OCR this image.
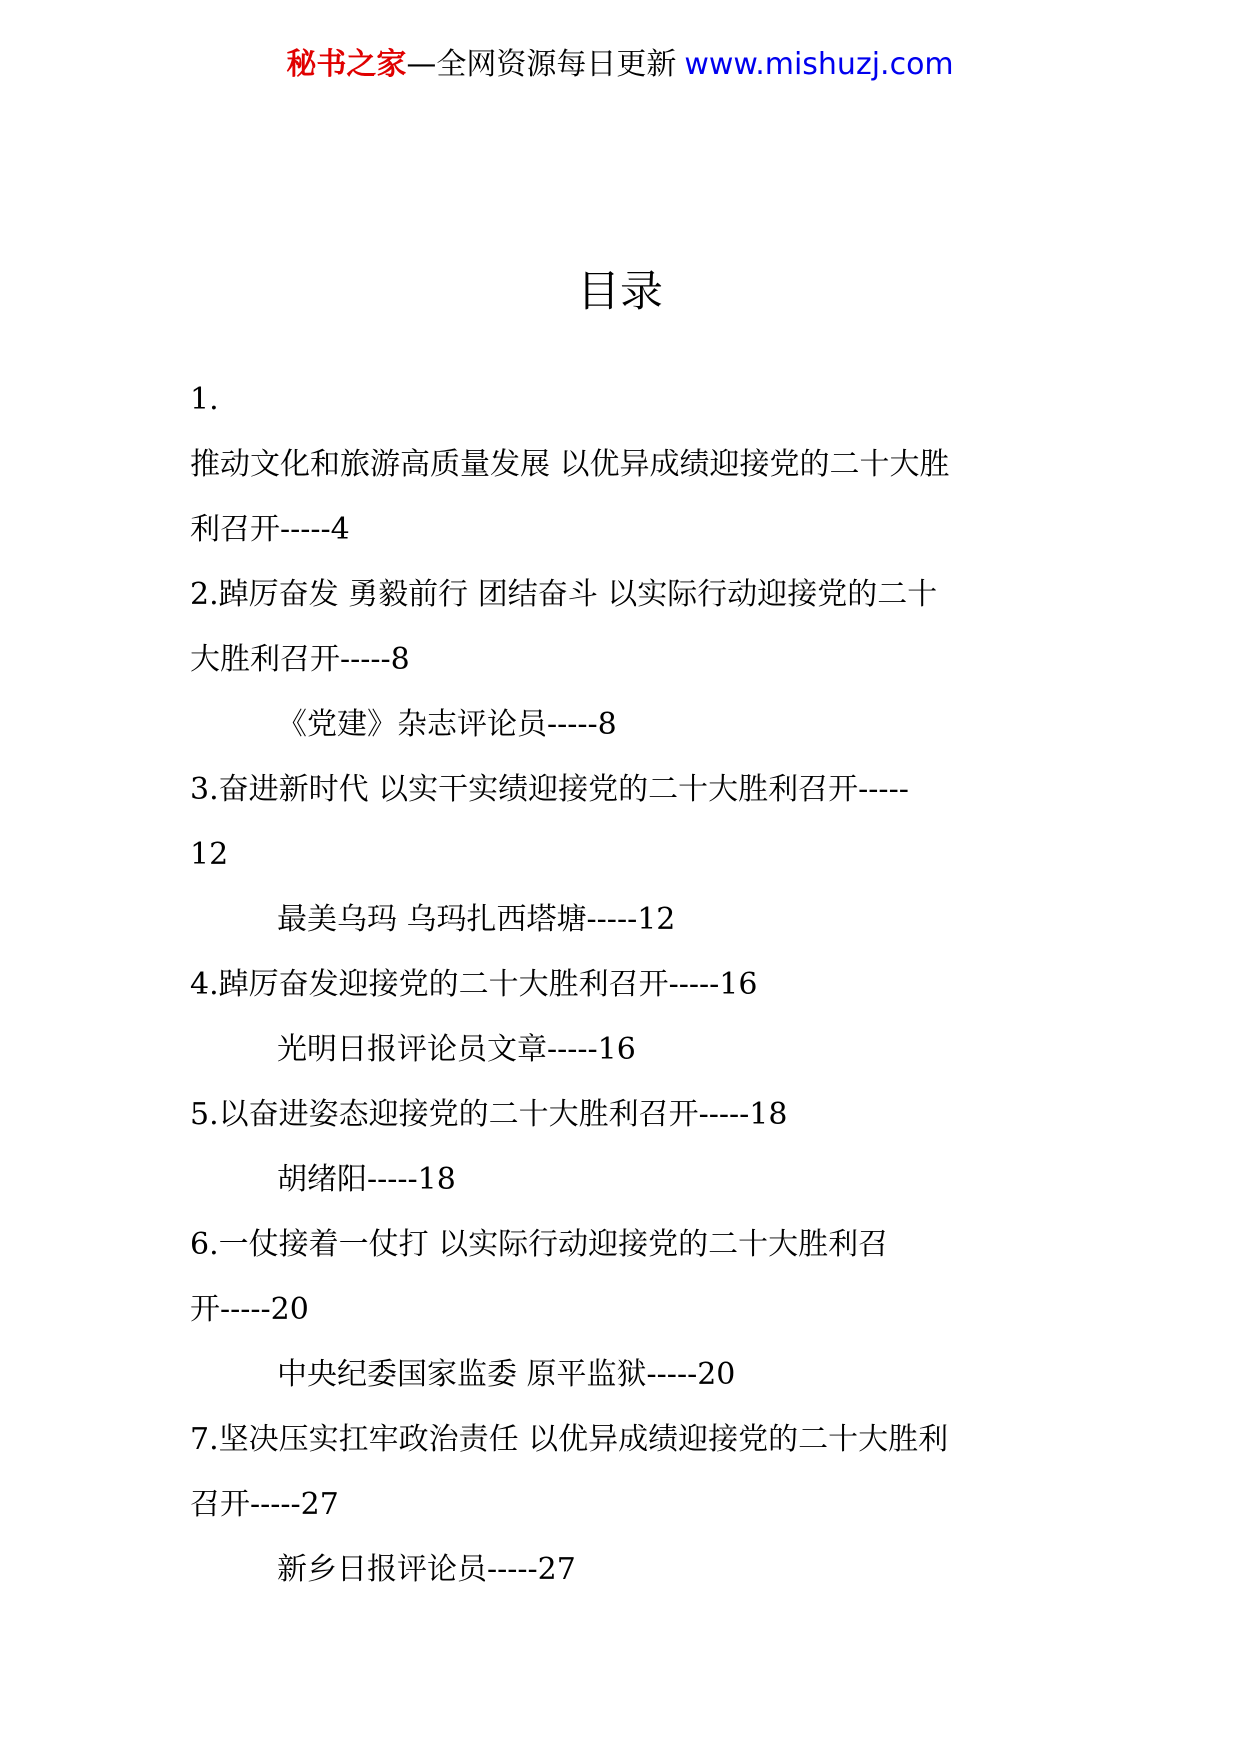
秘书之家—全网资源每日更新 www.mishuzj.com
目录
1.
推动文化和旅游高质量发展 以优异成绩迎接党的二十大胜
利召开-----4
2.踔厉奋发 勇毅前行 团结奋斗 以实际行动迎接党的二十
大胜利召开-----8
《党建》杂志评论员-----8
3.奋进新时代 以实干实绩迎接党的二十大胜利召开-----
12
最美乌玛 乌玛扎西塔塘-----12
4.踔厉奋发迎接党的二十大胜利召开-----16
光明日报评论员文章-----16
5.以奋进姿态迎接党的二十大胜利召开-----18
胡绪阳-----18
6.一仗接着一仗打 以实际行动迎接党的二十大胜利召
开-----20
中央纪委国家监委 原平监狱-----20
7.坚决压实扛牢政治责任 以优异成绩迎接党的二十大胜利
召开-----27
新乡日报评论员-----27
